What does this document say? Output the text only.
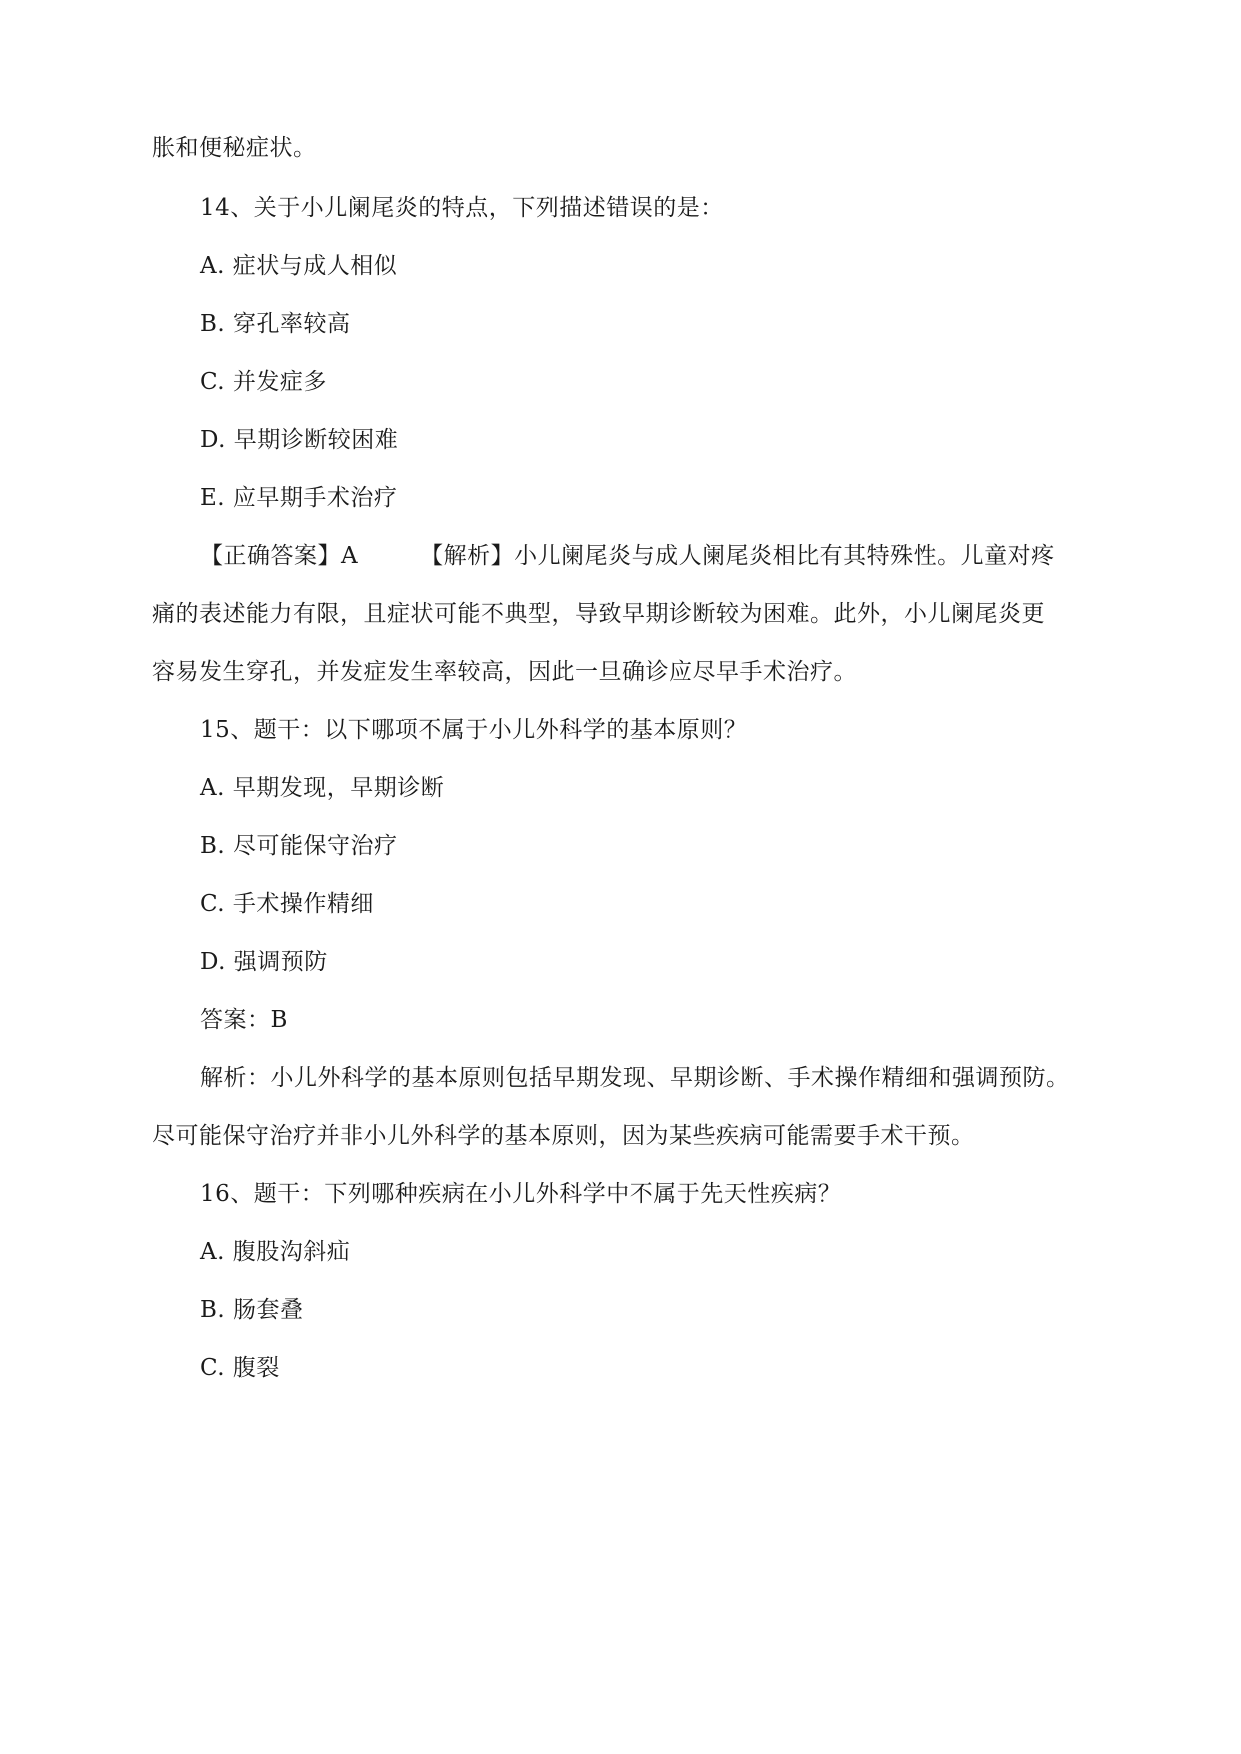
胀和便秘症状。
14、关于小儿阑尾炎的特点，下列描述错误的是：
A. 症状与成人相似
B. 穿孔率较高
C. 并发症多
D. 早期诊断较困难
E. 应早期手术治疗
【正确答案】A	【解析】小儿阑尾炎与成人阑尾炎相比有其特殊性。儿童对疼
痛的表述能力有限，且症状可能不典型，导致早期诊断较为困难。此外，小儿阑尾炎更
容易发生穿孔，并发症发生率较高，因此一旦确诊应尽早手术治疗。
15、题干：以下哪项不属于小儿外科学的基本原则？
A. 早期发现，早期诊断
B. 尽可能保守治疗
C. 手术操作精细
D. 强调预防
答案：B
解析：小儿外科学的基本原则包括早期发现、早期诊断、手术操作精细和强调预防。
尽可能保守治疗并非小儿外科学的基本原则，因为某些疾病可能需要手术干预。
16、题干：下列哪种疾病在小儿外科学中不属于先天性疾病？
A. 腹股沟斜疝
B. 肠套叠
C. 腹裂
